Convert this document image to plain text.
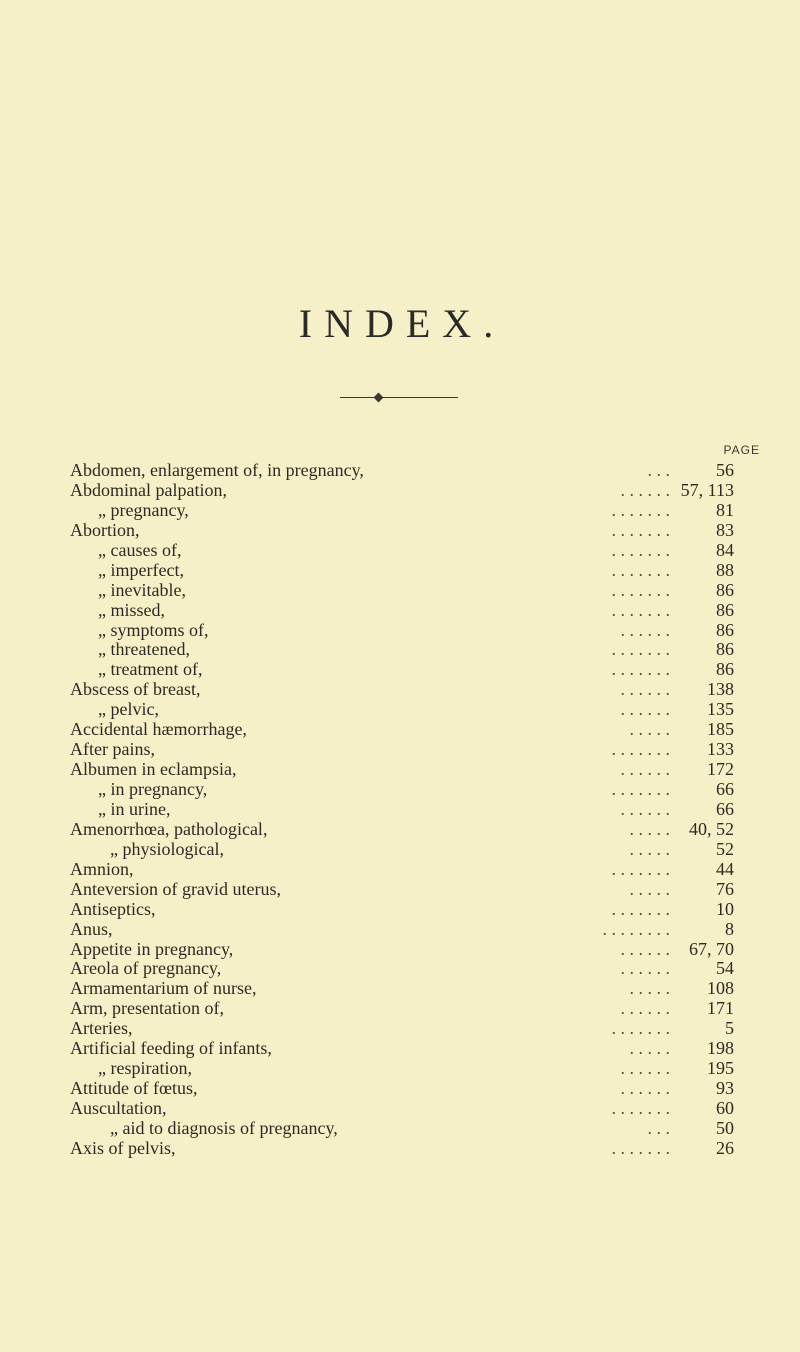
INDEX.
PAGE
Abdomen, enlargement of, in pregnancy,	. . .	56
Abdominal palpation,	. . . . . . 57, 113
„ pregnancy,	. . . . . . .	81
Abortion,	. . . . . . .	83
„ causes of,	. . . . . . .	84
„ imperfect,	. . . . . . .	88
„ inevitable,	. . . . . . .	86
„ missed,	. . . . . . .	86
„ symptoms of,	. . . . . .	86
„ threatened,	. . . . . . .	86
„ treatment of,	. . . . . . .	86
Abscess of breast,	. . . . . . 138
„ pelvic,	. . . . . . 135
Accidental hæmorrhage,	. . . . . 185
After pains,	. . . . . . . 133
Albumen in eclampsia,	. . . . . . 172
„ in pregnancy,	. . . . . . .	66
„ in urine,	. . . . . .	66
Amenorrhœa, pathological,	. . . . . 40, 52
„ physiological,	. . . . .	52
Amnion,	. . . . . . .	44
Anteversion of gravid uterus,	. . . . .	76
Antiseptics,	. . . . . . .	10
Anus,	. . . . . . . .	8
Appetite in pregnancy,	. . . . . . 67, 70
Areola of pregnancy,	. . . . . .	54
Armamentarium of nurse,	. . . . . 108
Arm, presentation of,	. . . . . . 171
Arteries,	. . . . . . .	5
Artificial feeding of infants,	. . . . . 198
„ respiration,	. . . . . . 195
Attitude of fœtus,	. . . . . .	93
Auscultation,	. . . . . . .	60
„ aid to diagnosis of pregnancy,	. . .	50
Axis of pelvis,	. . . . . . .	26
